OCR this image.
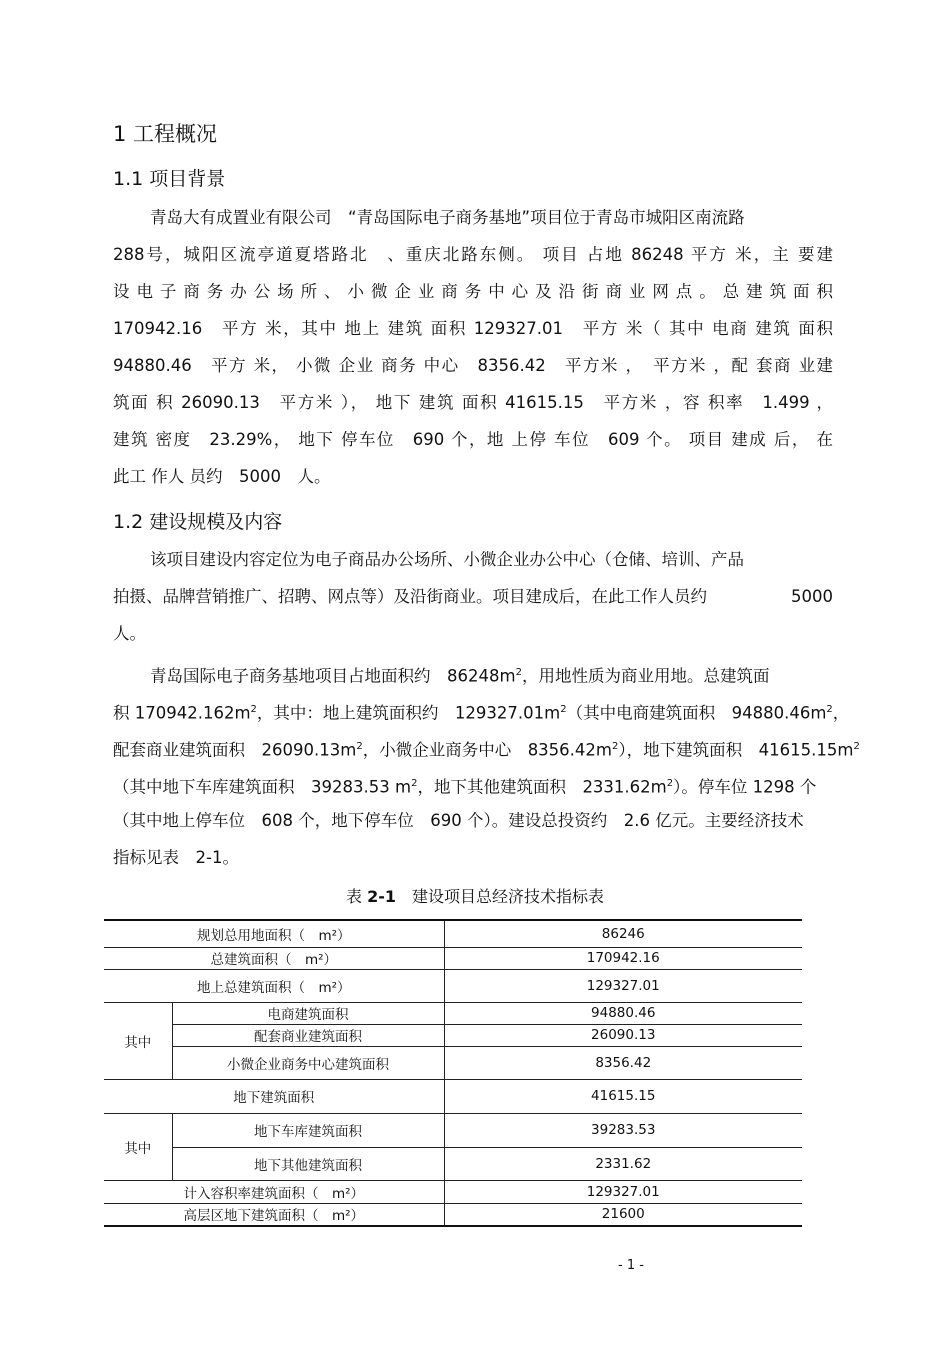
1 工程概况
1.1 项目背景
青岛大有成置业有限公司　“青岛国际电子商务基地”项目位于青岛市城阳区南流路
288号，城阳区流亭道夏塔路北　、重庆北路东侧。 项目 占地 86248 平方 米，主 要建
设 电 子 商 务 办 公 场 所 、 小 微 企 业 商 务 中 心 及 沿 街 商 业 网 点 。 总 建 筑 面 积
170942.16　平方 米，其中 地上 建筑 面积 129327.01　平方 米（ 其中 电商 建筑 面积
94880.46　平方 米， 小微 企业 商务 中心　8356.42　平方米 ，　平方米 ，配 套商 业建
筑面 积 26090.13　平方米 ）， 地下 建筑 面积 41615.15　平方米 ，容 积率　1.499 ，
建筑 密度　23.29%， 地下 停车位　690 个，地 上停 车位　609 个。 项目 建成 后， 在
此工 作人 员约　5000　人。
1.2 建设规模及内容
该项目建设内容定位为电子商品办公场所、小微企业办公中心（仓储、培训、产品
拍摄、品牌营销推广、招聘、网点等）及沿街商业。项目建成后，在此工作人员约	5000
人。
青岛国际电子商务基地项目占地面积约　$86248m^2$，用地性质为商业用地。总建筑面
积 $170942.162m^2$，其中：地上建筑面积约　$129327.01m^2$（其中电商建筑面积　$94880.46m^2$，
配套商业建筑面积　$26090.13m^2$，小微企业商务中心　$8356.42m^2$），地下建筑面积　$41615.15m^2$
（其中地下车库建筑面积　39283.53 $m^2$，地下其他建筑面积　$2331.62m^2$）。停车位 1298 个
（其中地上停车位　608 个，地下停车位　690 个）。建设总投资约　2.6 亿元。主要经济技术
指标见表　2-1。
表 2-1　建设项目总经济技术指标表
规划总用地面积（　m²）		86246
总建筑面积（　m²）		170942.16
地上总建筑面积（　m²）		129327.01
其中	电商建筑面积	94880.46
	配套商业建筑面积	26090.13
	小微企业商务中心建筑面积	8356.42
地下建筑面积		41615.15
其中	地下车库建筑面积	39283.53
	地下其他建筑面积	2331.62
计入容积率建筑面积（　m²）		129327.01
高层区地下建筑面积（　m²）		21600
- 1 -
